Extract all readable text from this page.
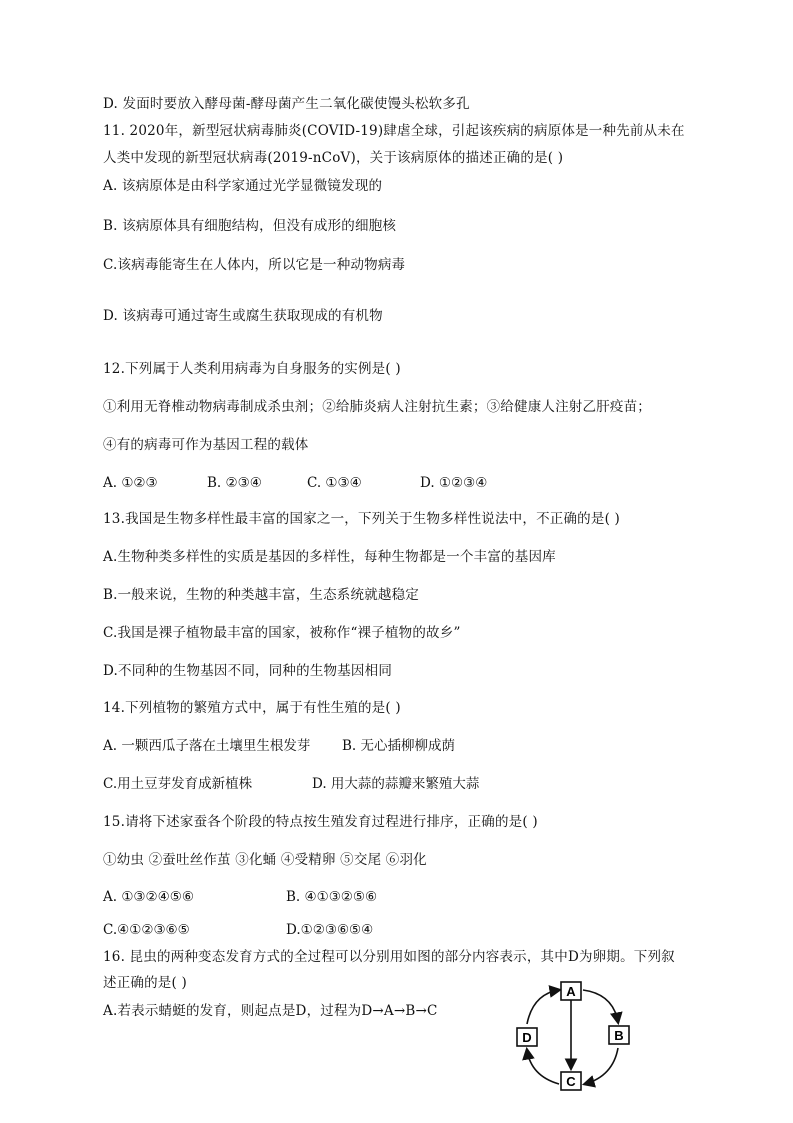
D. 发面时要放入酵母菌-酵母菌产生二氧化碳使馒头松软多孔
11. 2020年，新型冠状病毒肺炎(COVID-19)肆虐全球，引起该疾病的病原体是一种先前从未在
人类中发现的新型冠状病毒(2019-nCoV)，关于该病原体的描述正确的是( )
A. 该病原体是由科学家通过光学显微镜发现的
B. 该病原体具有细胞结构，但没有成形的细胞核
C.该病毒能寄生在人体内，所以它是一种动物病毒
D. 该病毒可通过寄生或腐生获取现成的有机物
12.下列属于人类利用病毒为自身服务的实例是( )
①利用无脊椎动物病毒制成杀虫剂；②给肺炎病人注射抗生素；③给健康人注射乙肝疫苗；
④有的病毒可作为基因工程的载体
A. ①②③	B. ②③④	C. ①③④	D. ①②③④
13.我国是生物多样性最丰富的国家之一，下列关于生物多样性说法中，不正确的是( )
A.生物种类多样性的实质是基因的多样性，每种生物都是一个丰富的基因库
B.一般来说，生物的种类越丰富，生态系统就越稳定
C.我国是裸子植物最丰富的国家，被称作“裸子植物的故乡”
D.不同种的生物基因不同，同种的生物基因相同
14.下列植物的繁殖方式中，属于有性生殖的是( )
A. 一颗西瓜子落在土壤里生根发芽 B. 无心插柳柳成荫
C.用土豆芽发育成新植株	D. 用大蒜的蒜瓣来繁殖大蒜
15.请将下述家蚕各个阶段的特点按生殖发育过程进行排序，正确的是( )
①幼虫 ②蚕吐丝作茧 ③化蛹 ④受精卵 ⑤交尾 ⑥羽化
A. ①③②④⑤⑥	B. ④①③②⑤⑥
C.④①②③⑥⑤	D.①②③⑥⑤④
16. 昆虫的两种变态发育方式的全过程可以分别用如图的部分内容表示，其中D为卵期。下列叙
述正确的是( )
A.若表示蜻蜓的发育，则起点是D，过程为D→A→B→C
A
B
C
D
